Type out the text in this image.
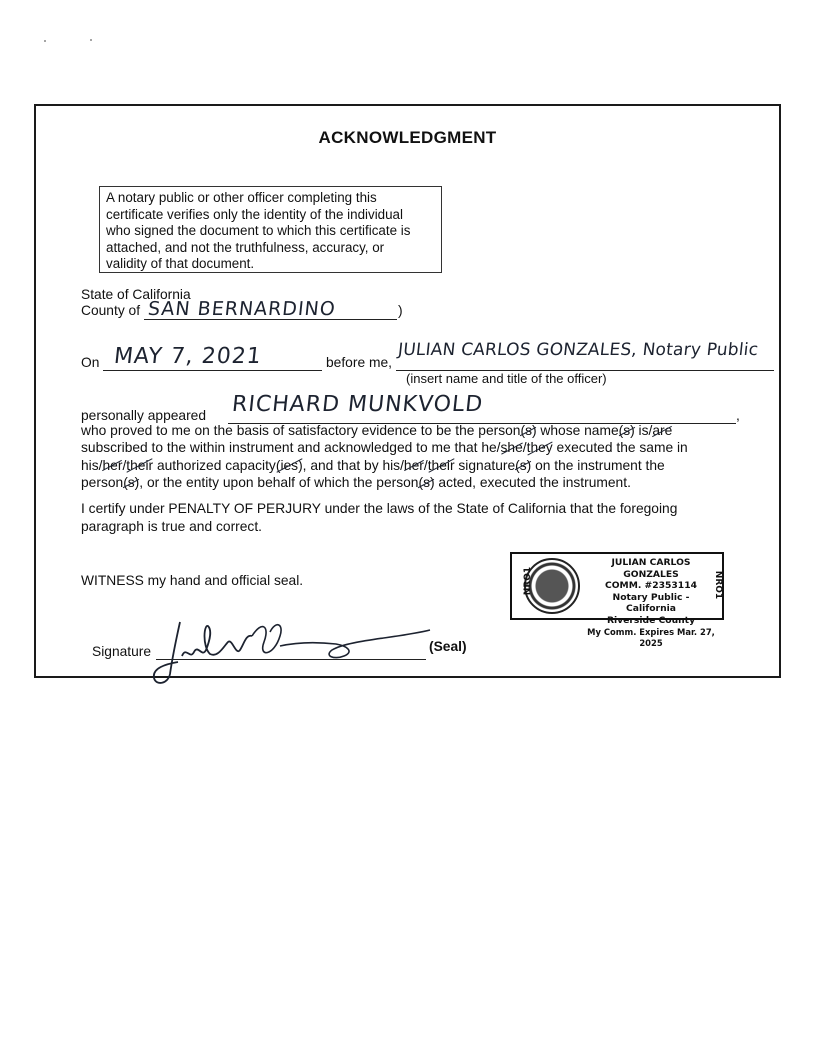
ACKNOWLEDGMENT
A notary public or other officer completing this
certificate verifies only the identity of the individual
who signed the document to which this certificate is
attached, and not the truthfulness, accuracy, or
validity of that document.
State of California
County of SAN BERNARDINO	)
On MAY 7, 2021	before me,
JULIAN CARLOS GONZALES, Notary Public
(insert name and title of the officer)
personally appeared RICHARD MUNKVOLD	,
who proved to me on the basis of satisfactory evidence to be the person(s) whose name(s) is/are
subscribed to the within instrument and acknowledged to me that he/she/they executed the same in
his/her/their authorized capacity(ies), and that by his/her/their signature(s) on the instrument the
person(s), or the entity upon behalf of which the person(s) acted, executed the instrument.
I certify under PENALTY OF PERJURY under the laws of the State of California that the foregoing
paragraph is true and correct.
WITNESS my hand and official seal.	NRO1	NRO1
JULIAN CARLOS GONZALES
COMM. #2353114
Notary Public - California
Riverside County
My Comm. Expires Mar. 27, 2025
Signature	(Seal)
